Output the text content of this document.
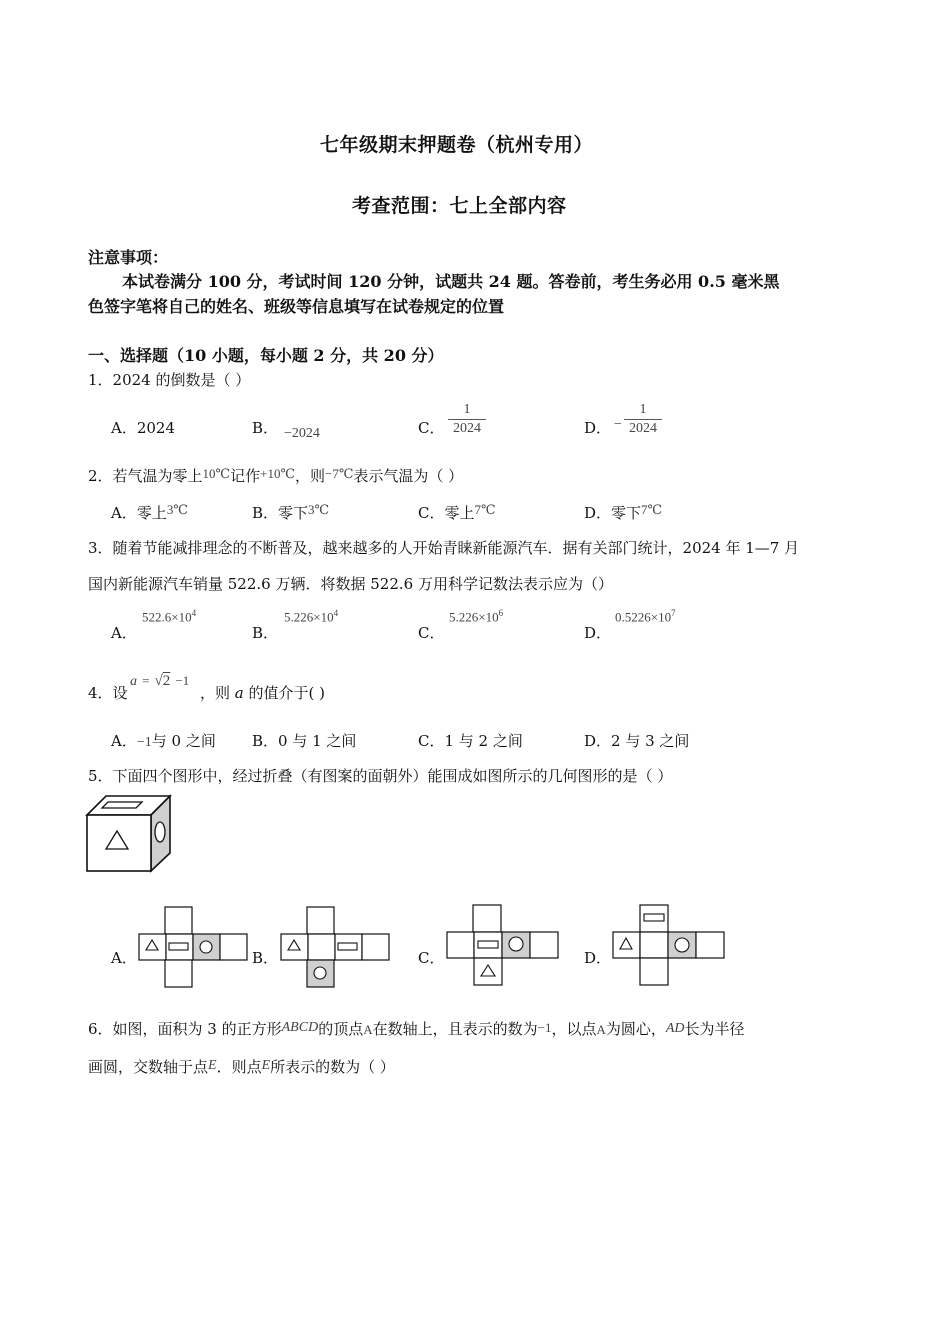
七年级期末押题卷（杭州专用）
考查范围：七上全部内容
注意事项：
本试卷满分 100 分，考试时间 120 分钟，试题共 24 题。答卷前，考生务必用 0.5 毫米黑
色签字笔将自己的姓名、班级等信息填写在试卷规定的位置
一、选择题（10 小题，每小题 2 分，共 20 分）
1．2024 的倒数是（ ）
A．2024	B． −2024	C．
1
2024	D． −
1
2024
2．若气温为零上10℃记作+10℃，则−7℃表示气温为（ ）
A．零上3℃	B．零下3℃	C．零上7℃	D．零下7℃
3．随着节能减排理念的不断普及，越来越多的人开始青睐新能源汽车．据有关部门统计，2024 年 1—7 月
国内新能源汽车销量 522.6 万辆．将数据 522.6 万用科学记数法表示应为（）
A．
$522.6\times 10^4$
B．
$5.226\times 10^4$
C．
$5.226\times 10^6$
D．
$0.5226\times 10^7$
4．设
a = √2 −1
，则 a 的值介于( )
A．−1与 0 之间 B．0 与 1 之间	C．1 与 2 之间	D．2 与 3 之间
5．下面四个图形中，经过折叠（有图案的面朝外）能围成如图所示的几何图形的是（ ）
A．	B．	C．	D．
6．如图，面积为 3 的正方形ABCD的顶点A在数轴上，且表示的数为−1，以点A为圆心，AD长为半径
画圆，交数轴于点E．则点E所表示的数为（ ）
